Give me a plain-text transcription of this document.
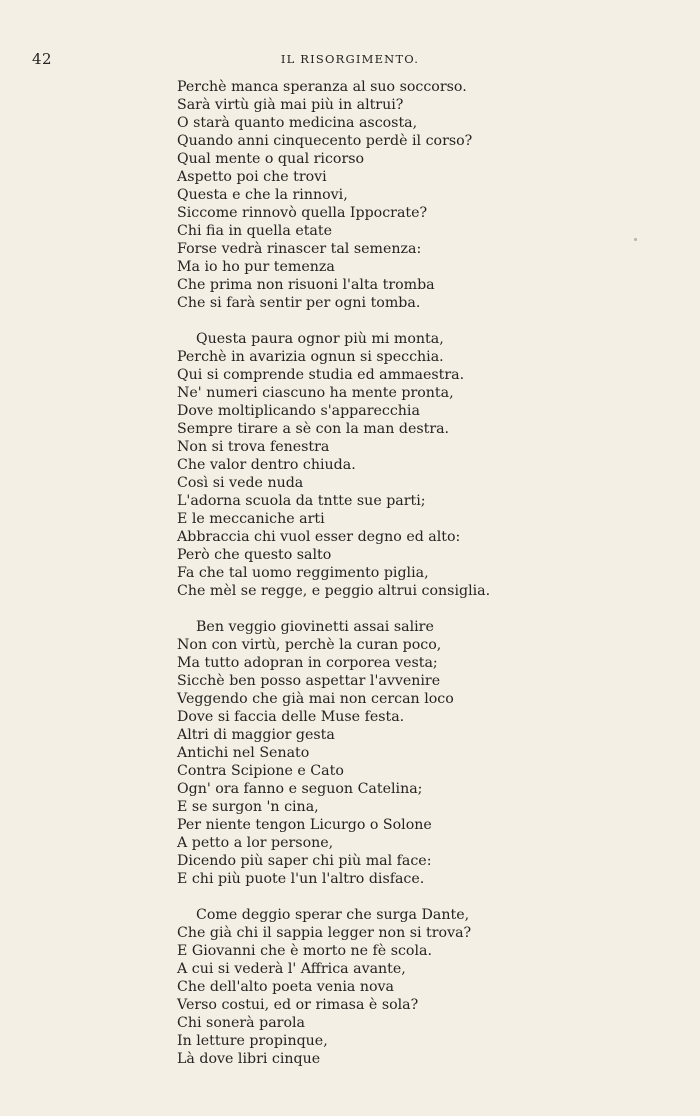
42	IL RISORGIMENTO.
Perchè manca speranza al suo soccorso.
Sarà virtù già mai più in altrui?
O starà quanto medicina ascosta,
Quando anni cinquecento perdè il corso?
Qual mente o qual ricorso
Aspetto poi che trovi
Questa e che la rinnovi,
Siccome rinnovò quella Ippocrate?
Chi fia in quella etate
Forse vedrà rinascer tal semenza:
Ma io ho pur temenza
Che prima non risuoni l'alta tromba
Che si farà sentir per ogni tomba.
Questa paura ognor più mi monta,
Perchè in avarizia ognun si specchia.
Qui si comprende studia ed ammaestra.
Ne' numeri ciascuno ha mente pronta,
Dove moltiplicando s'apparecchia
Sempre tirare a sè con la man destra.
Non si trova fenestra
Che valor dentro chiuda.
Così si vede nuda
L'adorna scuola da tntte sue parti;
E le meccaniche arti
Abbraccia chi vuol esser degno ed alto:
Però che questo salto
Fa che tal uomo reggimento piglia,
Che mèl se regge, e peggio altrui consiglia.
Ben veggio giovinetti assai salire
Non con virtù, perchè la curan poco,
Ma tutto adopran in corporea vesta;
Sicchè ben posso aspettar l'avvenire
Veggendo che già mai non cercan loco
Dove si faccia delle Muse festa.
Altri di maggior gesta
Antichi nel Senato
Contra Scipione e Cato
Ogn' ora fanno e seguon Catelina;
E se surgon 'n cina,
Per niente tengon Licurgo o Solone
A petto a lor persone,
Dicendo più saper chi più mal face:
E chi più puote l'un l'altro disface.
Come deggio sperar che surga Dante,
Che già chi il sappia legger non si trova?
E Giovanni che è morto ne fè scola.
A cui si vederà l' Affrica avante,
Che dell'alto poeta venia nova
Verso costui, ed or rimasa è sola?
Chi sonerà parola
In letture propinque,
Là dove libri cinque
